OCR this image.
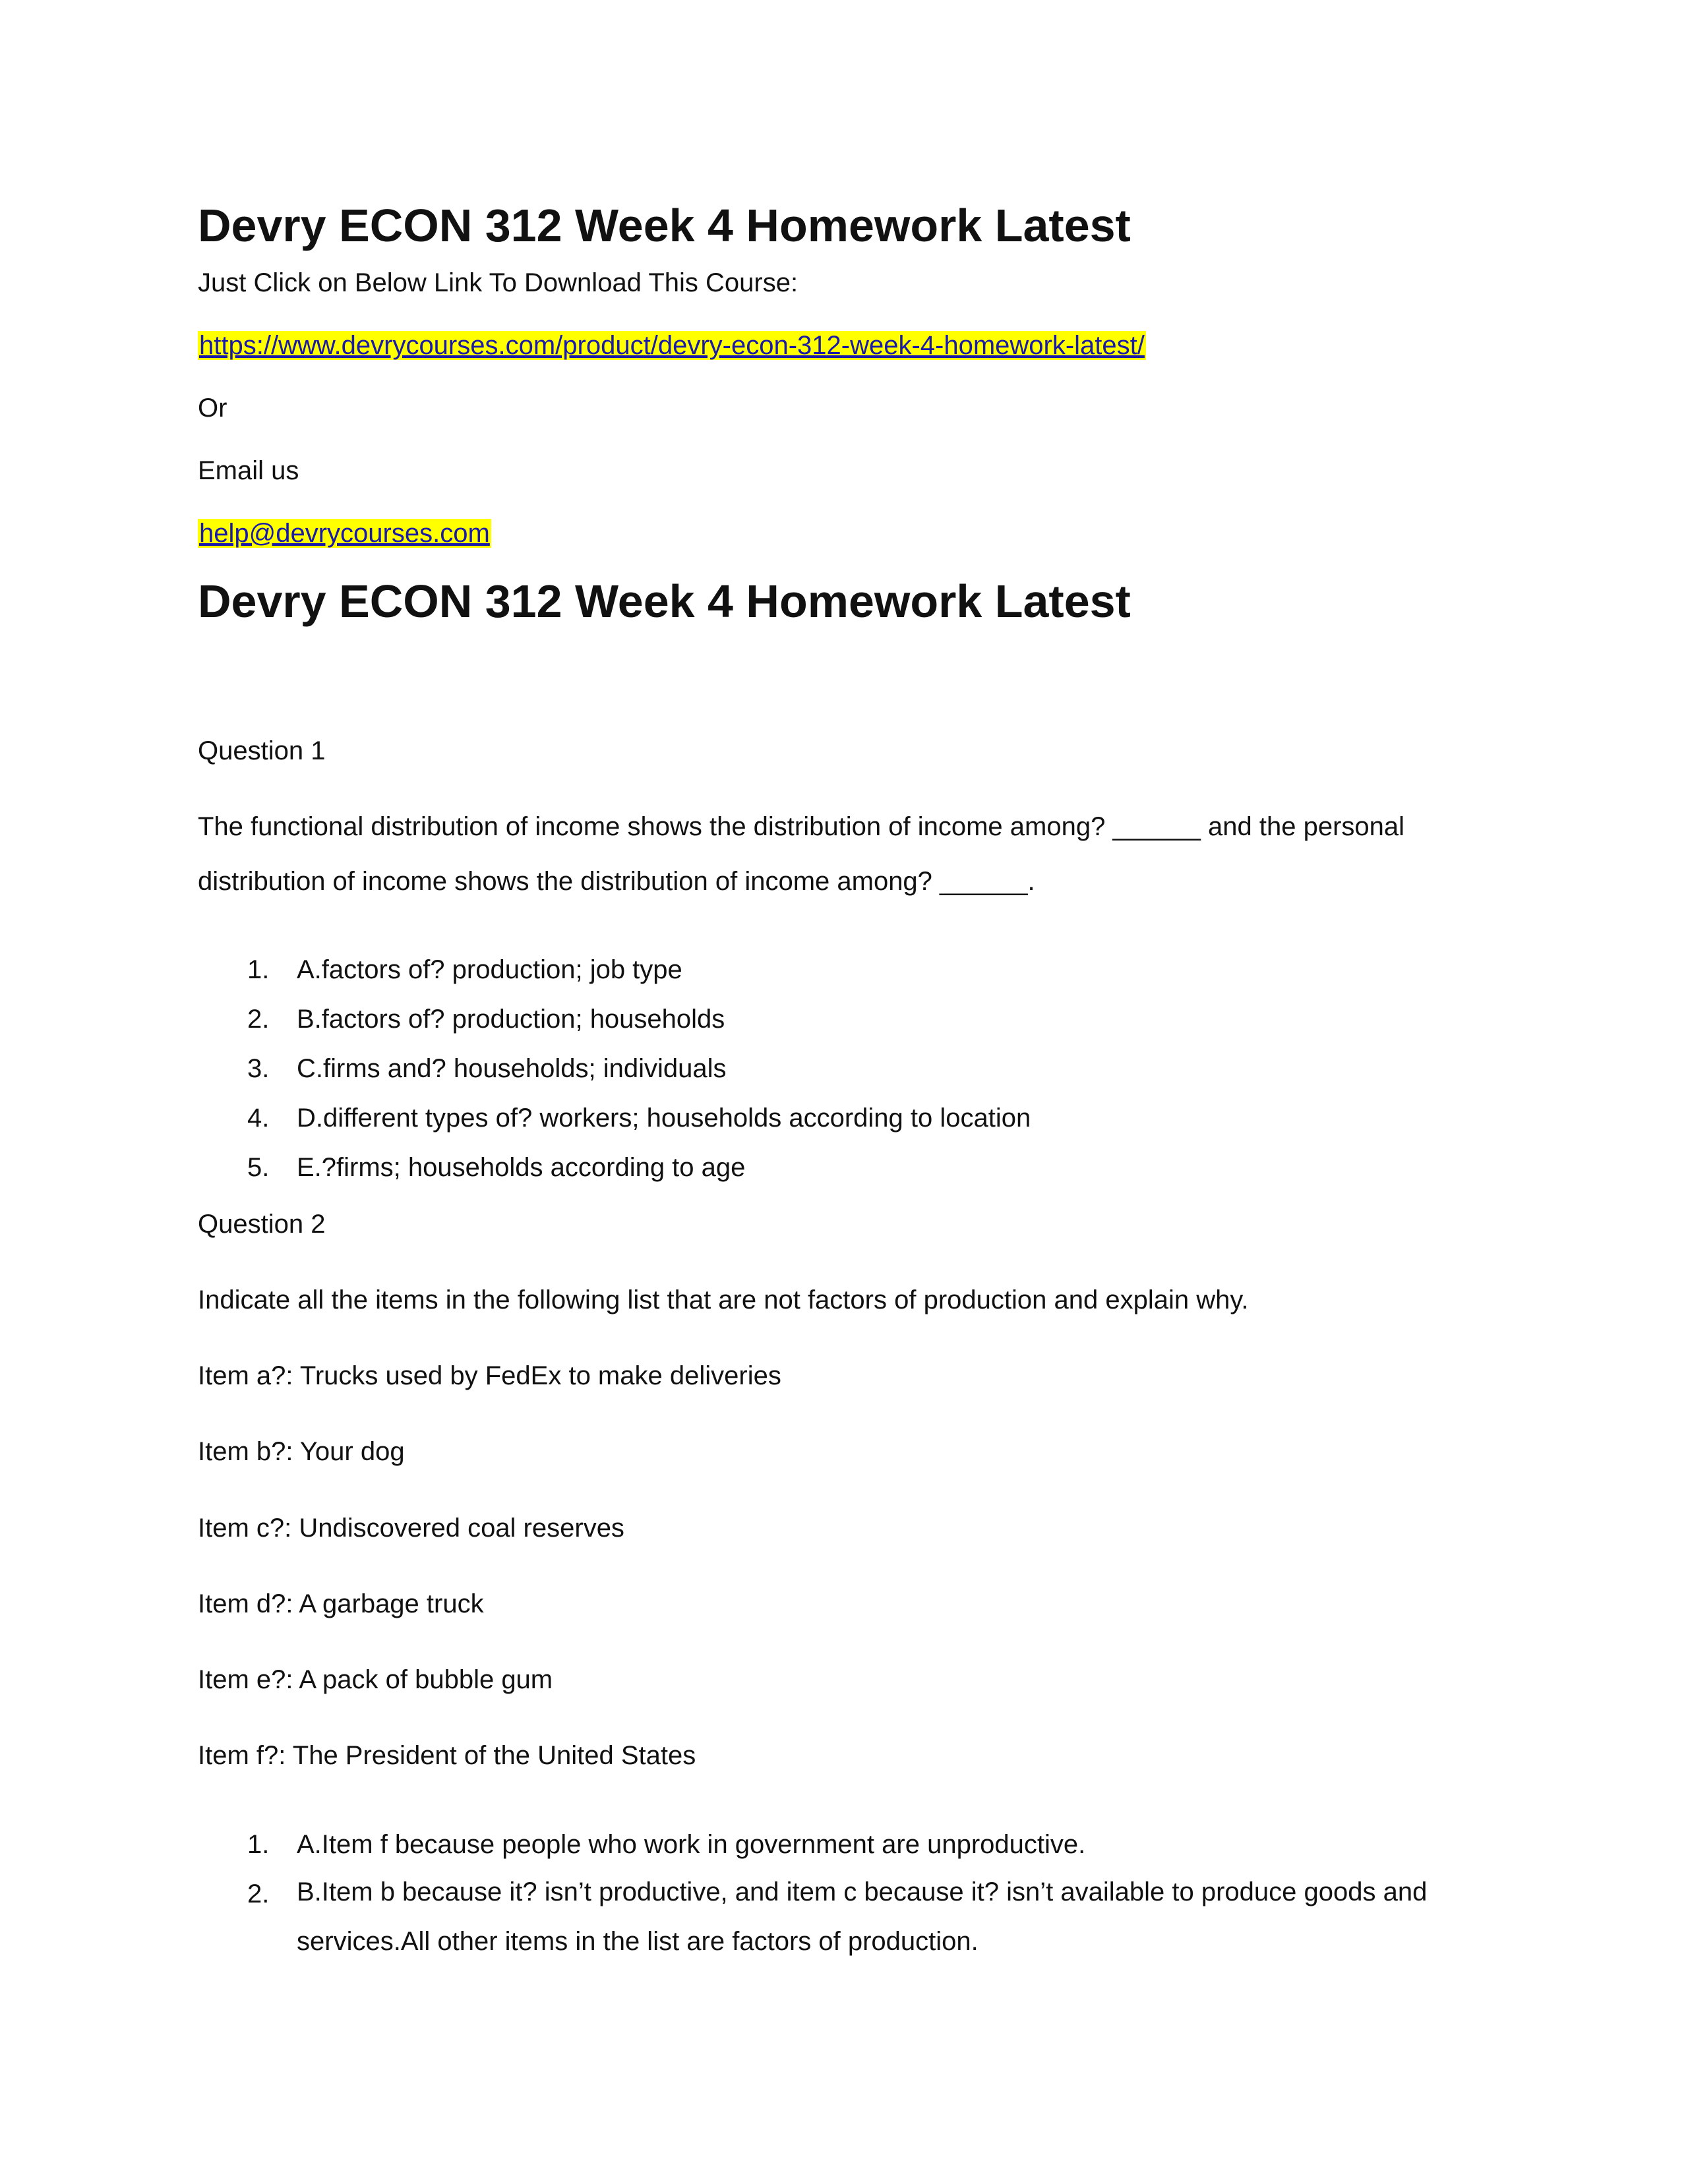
Devry ECON 312 Week 4 Homework Latest
Just Click on Below Link To Download This Course:
https://www.devrycourses.com/product/devry-econ-312-week-4-homework-latest/
Or
Email us
help@devrycourses.com
Devry ECON 312 Week 4 Homework Latest
Question 1
The functional distribution of income shows the distribution of income among? ______ and the personal
distribution of income shows the distribution of income among? ______.
1. A.factors of? production; job type
2. B.factors of? production; households
3. C.firms and? households; individuals
4. D.different types of? workers; households according to location
5. E.?firms; households according to age
Question 2
Indicate all the items in the following list that are not factors of production and explain why.
Item a?: Trucks used by FedEx to make deliveries
Item b?: Your dog
Item c?: Undiscovered coal reserves
Item d?: A garbage truck
Item e?: A pack of bubble gum
Item f?: The President of the United States
1. A.Item f because people who work in government are unproductive.
2. B.Item b because it? isn’t productive, and item c because it? isn’t available to produce goods and services.All other items in the list are factors of production.
